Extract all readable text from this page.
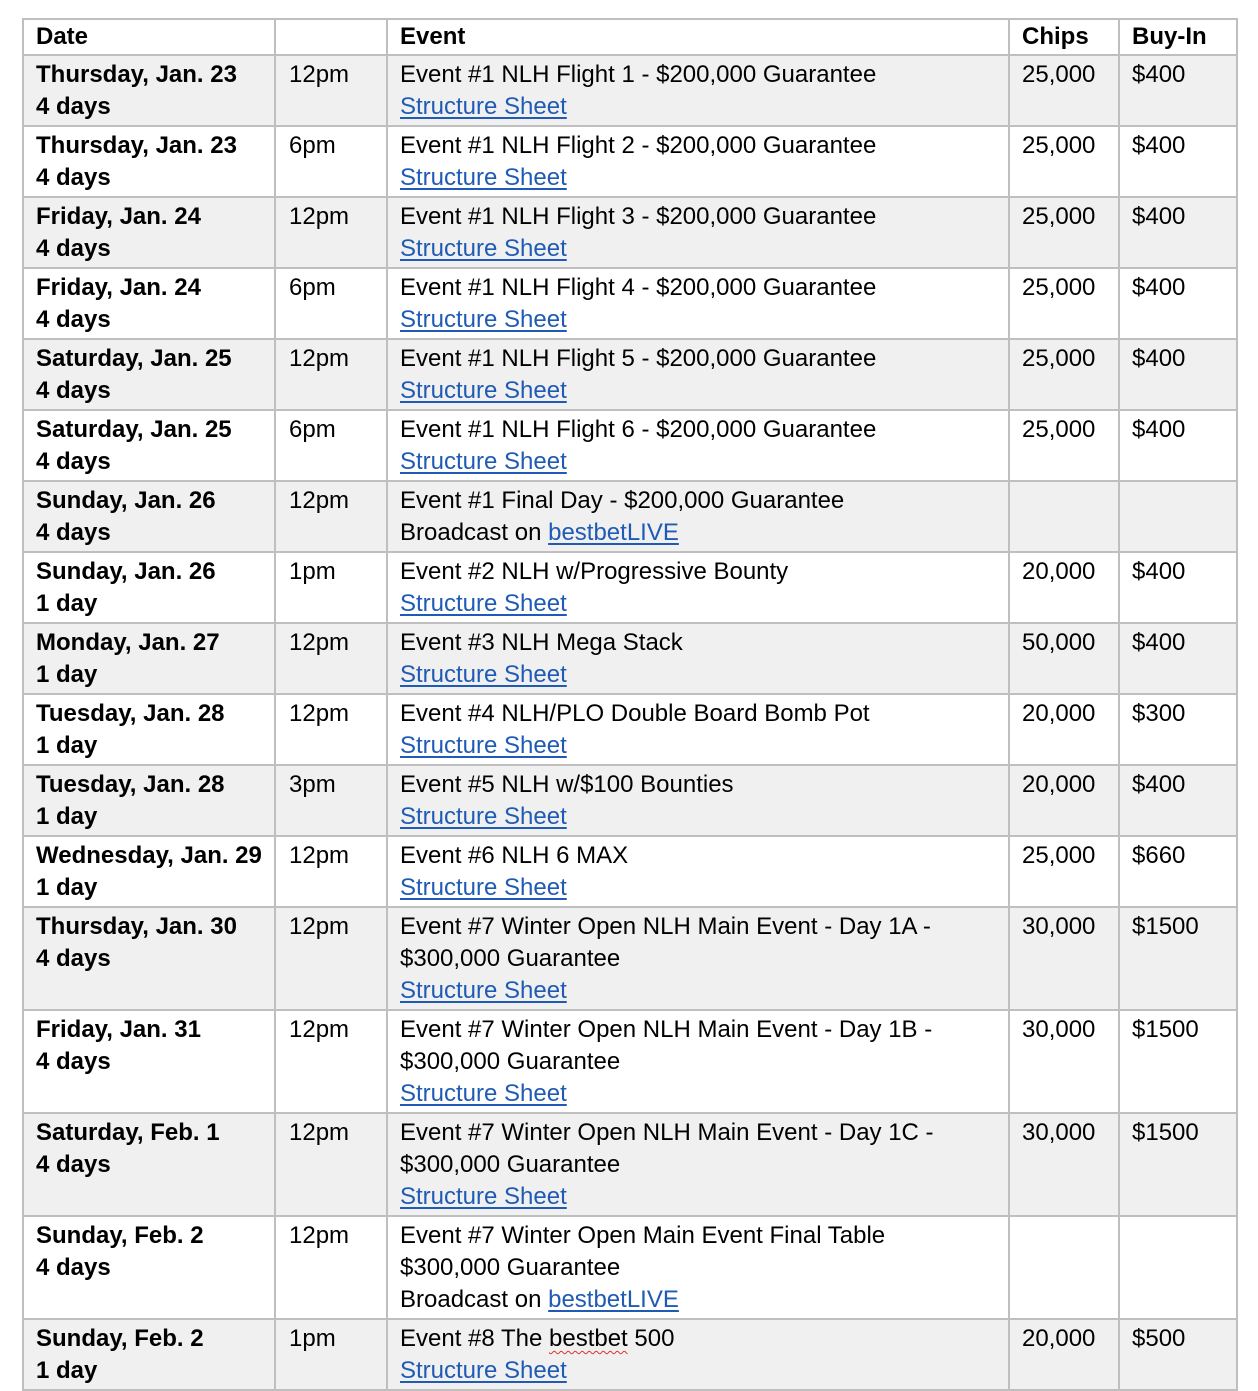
Date		Event	Chips	Buy-In

Thursday, Jan. 23
4 days	12pm	Event #1 NLH Flight 1 - $200,000 Guarantee
Structure Sheet	25,000	$400

Thursday, Jan. 23
4 days	6pm	Event #1 NLH Flight 2 - $200,000 Guarantee
Structure Sheet	25,000	$400

Friday, Jan. 24
4 days	12pm	Event #1 NLH Flight 3 - $200,000 Guarantee
Structure Sheet	25,000	$400

Friday, Jan. 24
4 days	6pm	Event #1 NLH Flight 4 - $200,000 Guarantee
Structure Sheet	25,000	$400

Saturday, Jan. 25
4 days	12pm	Event #1 NLH Flight 5 - $200,000 Guarantee
Structure Sheet	25,000	$400

Saturday, Jan. 25
4 days	6pm	Event #1 NLH Flight 6 - $200,000 Guarantee
Structure Sheet	25,000	$400

Sunday, Jan. 26
4 days	12pm	Event #1 Final Day - $200,000 Guarantee
Broadcast on bestbetLIVE		

Sunday, Jan. 26
1 day	1pm	Event #2 NLH w/Progressive Bounty
Structure Sheet	20,000	$400

Monday, Jan. 27
1 day	12pm	Event #3 NLH Mega Stack
Structure Sheet	50,000	$400

Tuesday, Jan. 28
1 day	12pm	Event #4 NLH/PLO Double Board Bomb Pot
Structure Sheet	20,000	$300

Tuesday, Jan. 28
1 day	3pm	Event #5 NLH w/$100 Bounties
Structure Sheet	20,000	$400

Wednesday, Jan. 29
1 day	12pm	Event #6 NLH 6 MAX
Structure Sheet	25,000	$660

Thursday, Jan. 30
4 days	12pm	Event #7 Winter Open NLH Main Event - Day 1A -
$300,000 Guarantee
Structure Sheet	30,000	$1500

Friday, Jan. 31
4 days	12pm	Event #7 Winter Open NLH Main Event - Day 1B -
$300,000 Guarantee
Structure Sheet	30,000	$1500

Saturday, Feb. 1
4 days	12pm	Event #7 Winter Open NLH Main Event - Day 1C -
$300,000 Guarantee
Structure Sheet	30,000	$1500

Sunday, Feb. 2
4 days	12pm	Event #7 Winter Open Main Event Final Table
$300,000 Guarantee
Broadcast on bestbetLIVE		

Sunday, Feb. 2
1 day	1pm	Event #8 The bestbet 500
Structure Sheet	20,000	$500
